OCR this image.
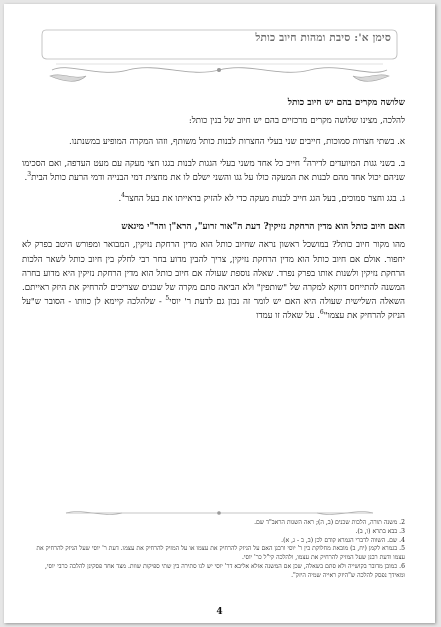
סימן א': סיבת ומהות חיוב כותל

שלושה מקרים בהם יש חיוב כותל

להלכה, מצינו שלושה מקרים מרכזיים בהם יש חיוב של בנין כותל:

א. בשתי חצרות סמוכות, חייבים שני בעלי החצרות לבנות כותל משותף, וזהו המקרה המופיע במשנתנו.

ב. בשני גגות המיועדים לדירה$^2$ חייב כל אחד משני בעלי הגגות לבנות בגגו חצי מעקה עם מעט העדפה, ואם הסכימו שניהם יכול אחד מהם לבנות את המעקה כולו על גגו והשני ישלם לו את מחצית דמי הבנייה ודמי הרעת כותל הבית$^3$.

ג. בגג וחצר סמוכים, בעל הגג חייב לבנות מעקה כדי לא להזיק בראייתו את בעל החצר$^4$.

האם חיוב כותל הוא מדין הרחקת נזיקין? דעת ה"אור זרוע", הרא"ן והר"י מיגאש

מהו מקור חיוב כותל? במושכל ראשון נראה שחיוב כותל הוא מדין הרחקת נזיקין, המבואר ומפורש היטב בפרק לא יחפור. אולם אם חיוב כותל הוא מדין הרחקת נזיקין, צריך להבין מדוע בחר רבי לחלק בין חיוב כותל לשאר הלכות הרחקת נזיקין ולשנות אותו בפרק נפרד. שאלה נוספת שעולה אם חיוב כותל הוא מדין הרחקת נזיקין היא מדוע בחרה המשנה להתייחס דווקא למקרה של "שותפין" ולא הביאה סתם מקרה של שכנים שצריכים להרחיק את היזק ראייתם. השאלה השלישית שעולה היא האם יש לומר זה נכון גם לדעת ר' יוסי$^5$ - שלהלכה קיימא לן כוותו - הסובר ש"על הניזק להרחיק את עצמו"$^6$. על שאלה זו עמדו

2. משנה תורה, הלכות שכנים (ב, ה); ראה השגות הראב"ד שם.

3. בבא בתרא (ו, ב).

4. שם. השווה לדברי הגמרא קודם לכן (ב, ב - ג, א).

5. בגמרא לקמן (יח, ב) מובאת מחלוקת בין ר' יוסי ורבנן האם על הניזק להרחיק את עצמו או על המזיק להרחיק את עצמו. דעת ר' יוסי שעל הניזק להרחיק את עצמו ודעת רבנן שעל המזיק להרחיק את עצמו, ולהלכה קי"ל כר' יוסי.

6. כמובן מדובר בקושייה ולא סתם בשאלה, שכן אם המשנה אזלא אליבא דר' יוסי יש לנו סתירה בין שתי ספיקות שוות. מצד אחד פסקינן להלכה כרבי יוסי, ומאידך נפסק להלכה ש"היזק ראייה שמיה היזק".

4
